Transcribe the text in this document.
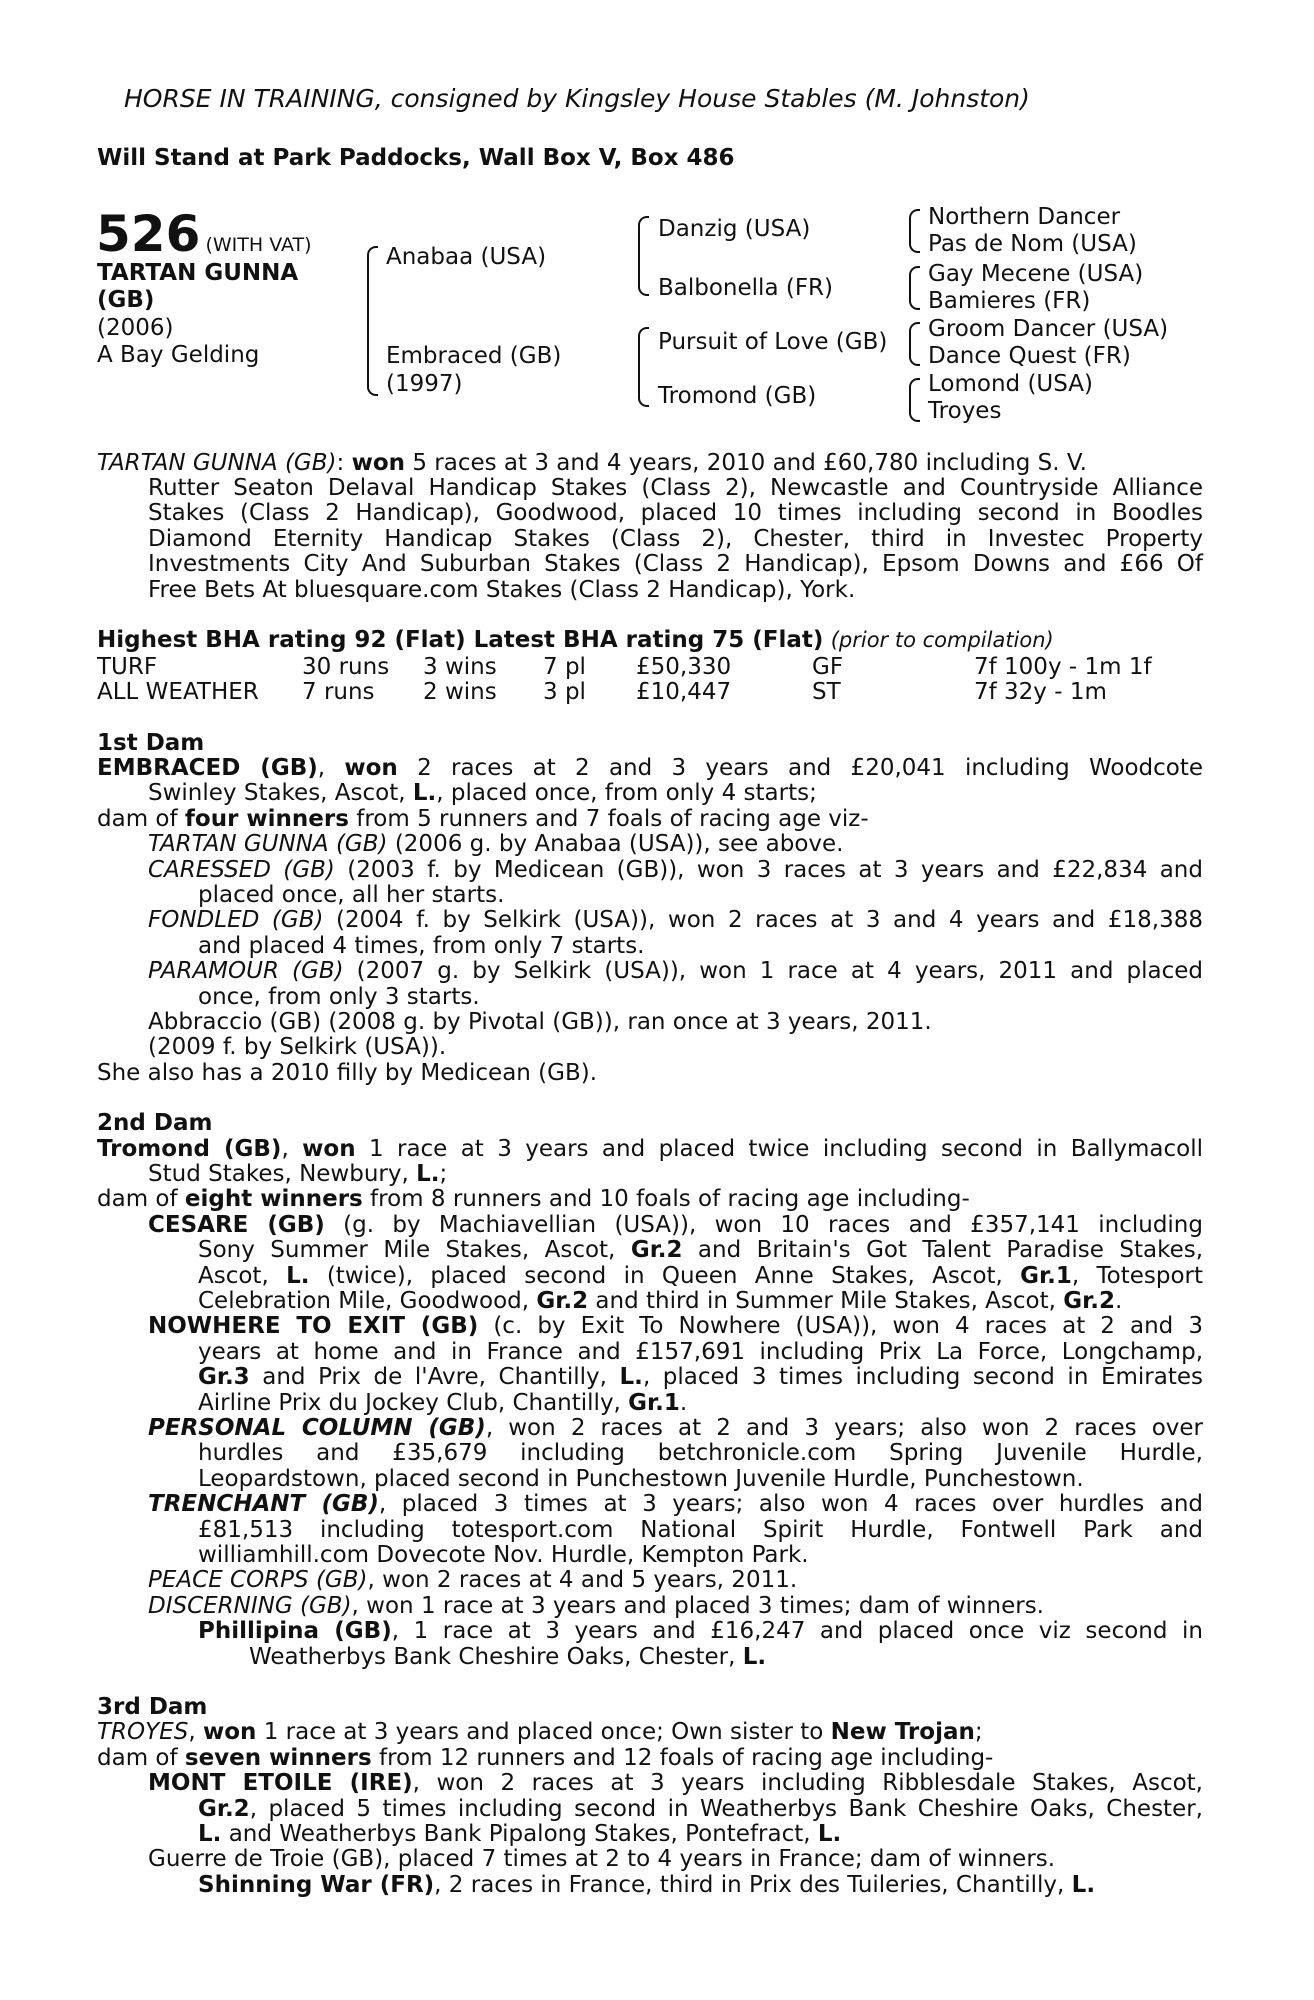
HORSE IN TRAINING, consigned by Kingsley House Stables (M. Johnston)
Will Stand at Park Paddocks, Wall Box V, Box 486
526 (WITH VAT)
TARTAN GUNNA
(GB)
(2006)
A Bay Gelding
Anabaa (USA)
Embraced (GB)
(1997)
Danzig (USA)
Balbonella (FR)
Pursuit of Love (GB)
Tromond (GB)
Northern Dancer
Pas de Nom (USA)
Gay Mecene (USA)
Bamieres (FR)
Groom Dancer (USA)
Dance Quest (FR)
Lomond (USA)
Troyes
TARTAN GUNNA (GB): won 5 races at 3 and 4 years, 2010 and £60,780 including S. V.
Rutter Seaton Delaval Handicap Stakes (Class 2), Newcastle and Countryside Alliance
Stakes (Class 2 Handicap), Goodwood, placed 10 times including second in Boodles
Diamond Eternity Handicap Stakes (Class 2), Chester, third in Investec Property
Investments City And Suburban Stakes (Class 2 Handicap), Epsom Downs and £66 Of
Free Bets At bluesquare.com Stakes (Class 2 Handicap), York.
Highest BHA rating 92 (Flat) Latest BHA rating 75 (Flat) (prior to compilation)
TURF	30 runs 3 wins 7 pl £50,330	GF	7f 100y - 1m 1f
ALL WEATHER 7 runs 2 wins 3 pl £10,447	ST	7f 32y - 1m
1st Dam
EMBRACED (GB), won 2 races at 2 and 3 years and £20,041 including Woodcote
Swinley Stakes, Ascot, L., placed once, from only 4 starts;
dam of four winners from 5 runners and 7 foals of racing age viz-
TARTAN GUNNA (GB) (2006 g. by Anabaa (USA)), see above.
CARESSED (GB) (2003 f. by Medicean (GB)), won 3 races at 3 years and £22,834 and
placed once, all her starts.
FONDLED (GB) (2004 f. by Selkirk (USA)), won 2 races at 3 and 4 years and £18,388
and placed 4 times, from only 7 starts.
PARAMOUR (GB) (2007 g. by Selkirk (USA)), won 1 race at 4 years, 2011 and placed
once, from only 3 starts.
Abbraccio (GB) (2008 g. by Pivotal (GB)), ran once at 3 years, 2011.
(2009 f. by Selkirk (USA)).
She also has a 2010 filly by Medicean (GB).
2nd Dam
Tromond (GB), won 1 race at 3 years and placed twice including second in Ballymacoll
Stud Stakes, Newbury, L.;
dam of eight winners from 8 runners and 10 foals of racing age including-
CESARE (GB) (g. by Machiavellian (USA)), won 10 races and £357,141 including
Sony Summer Mile Stakes, Ascot, Gr.2 and Britain's Got Talent Paradise Stakes,
Ascot, L. (twice), placed second in Queen Anne Stakes, Ascot, Gr.1, Totesport
Celebration Mile, Goodwood, Gr.2 and third in Summer Mile Stakes, Ascot, Gr.2.
NOWHERE TO EXIT (GB) (c. by Exit To Nowhere (USA)), won 4 races at 2 and 3
years at home and in France and £157,691 including Prix La Force, Longchamp,
Gr.3 and Prix de l'Avre, Chantilly, L., placed 3 times including second in Emirates
Airline Prix du Jockey Club, Chantilly, Gr.1.
PERSONAL COLUMN (GB), won 2 races at 2 and 3 years; also won 2 races over
hurdles and £35,679 including betchronicle.com Spring Juvenile Hurdle,
Leopardstown, placed second in Punchestown Juvenile Hurdle, Punchestown.
TRENCHANT (GB), placed 3 times at 3 years; also won 4 races over hurdles and
£81,513 including totesport.com National Spirit Hurdle, Fontwell Park and
williamhill.com Dovecote Nov. Hurdle, Kempton Park.
PEACE CORPS (GB), won 2 races at 4 and 5 years, 2011.
DISCERNING (GB), won 1 race at 3 years and placed 3 times; dam of winners.
Phillipina (GB), 1 race at 3 years and £16,247 and placed once viz second in
Weatherbys Bank Cheshire Oaks, Chester, L.
3rd Dam
TROYES, won 1 race at 3 years and placed once; Own sister to New Trojan;
dam of seven winners from 12 runners and 12 foals of racing age including-
MONT ETOILE (IRE), won 2 races at 3 years including Ribblesdale Stakes, Ascot,
Gr.2, placed 5 times including second in Weatherbys Bank Cheshire Oaks, Chester,
L. and Weatherbys Bank Pipalong Stakes, Pontefract, L.
Guerre de Troie (GB), placed 7 times at 2 to 4 years in France; dam of winners.
Shinning War (FR), 2 races in France, third in Prix des Tuileries, Chantilly, L.
